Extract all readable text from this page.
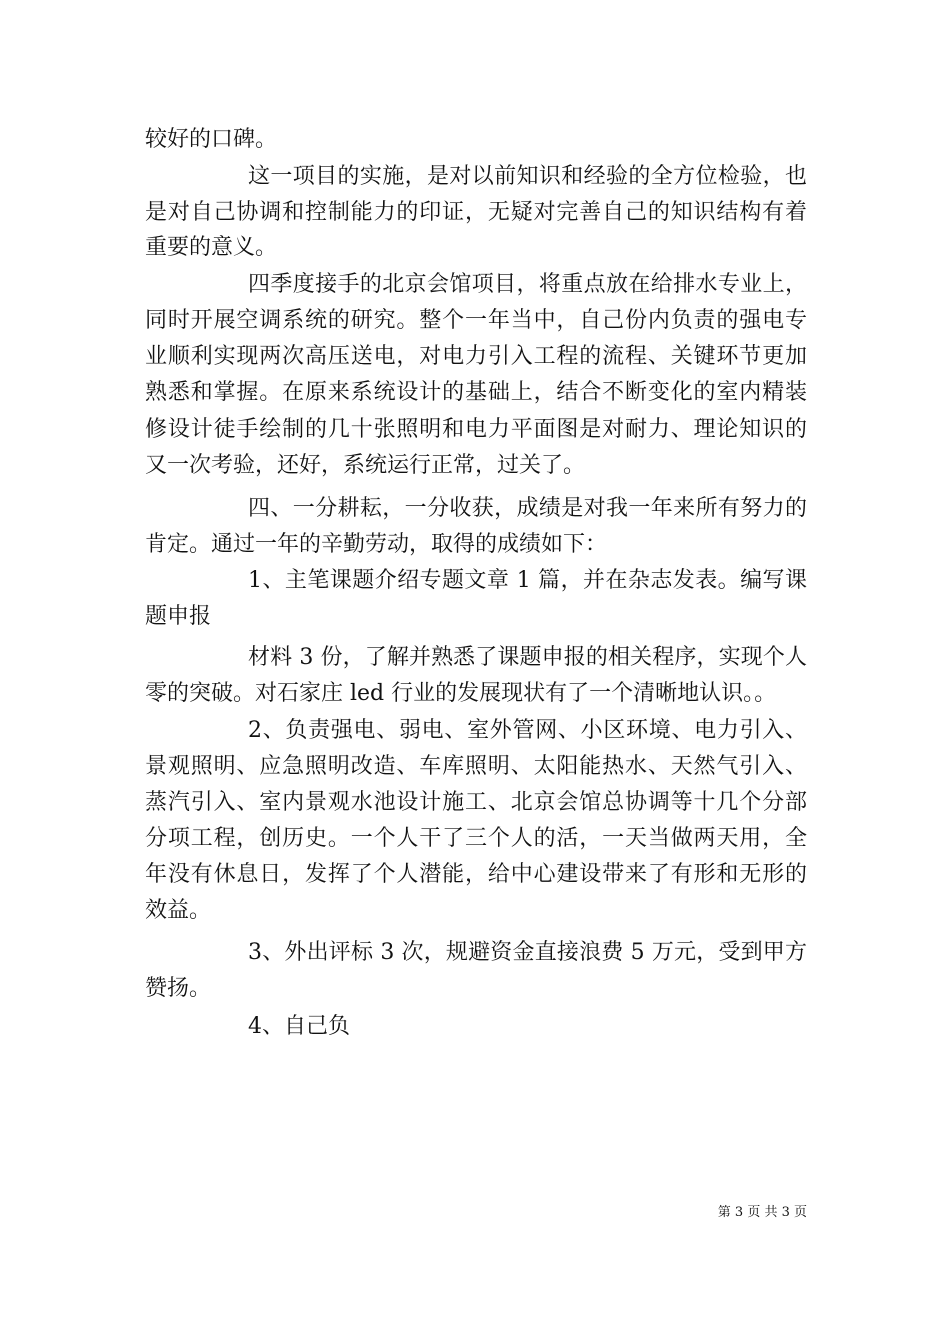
较好的口碑。
这一项目的实施，是对以前知识和经验的全方位检验，也
是对自己协调和控制能力的印证，无疑对完善自己的知识结构有着
重要的意义。
四季度接手的北京会馆项目，将重点放在给排水专业上，
同时开展空调系统的研究。整个一年当中，自己份内负责的强电专
业顺利实现两次高压送电，对电力引入工程的流程、关键环节更加
熟悉和掌握。在原来系统设计的基础上，结合不断变化的室内精装
修设计徒手绘制的几十张照明和电力平面图是对耐力、理论知识的
又一次考验，还好，系统运行正常，过关了。
四、一分耕耘，一分收获，成绩是对我一年来所有努力的
肯定。通过一年的辛勤劳动，取得的成绩如下：
1、主笔课题介绍专题文章 1 篇，并在杂志发表。编写课
题申报
材料 3 份，了解并熟悉了课题申报的相关程序，实现个人
零的突破。对石家庄 led 行业的发展现状有了一个清晰地认识。。
2、负责强电、弱电、室外管网、小区环境、电力引入、
景观照明、应急照明改造、车库照明、太阳能热水、天然气引入、
蒸汽引入、室内景观水池设计施工、北京会馆总协调等十几个分部
分项工程，创历史。一个人干了三个人的活，一天当做两天用，全
年没有休息日，发挥了个人潜能，给中心建设带来了有形和无形的
效益。
3、外出评标 3 次，规避资金直接浪费 5 万元，受到甲方
赞扬。
4、自己负
第 3 页 共 3 页
